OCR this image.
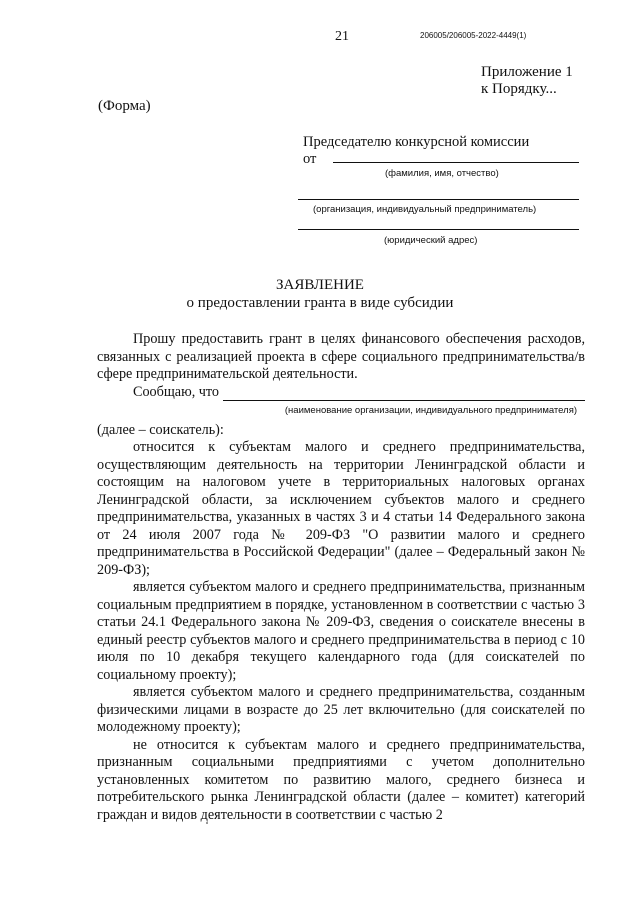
21	206005/206005-2022-4449(1)
Приложение 1
к Порядку...
(Форма)
Председателю конкурсной комиссии
от
(фамилия, имя, отчество)
(организация, индивидуальный предприниматель)
(юридический адрес)
ЗАЯВЛЕНИЕ
о предоставлении гранта в виде субсидии

Прошу предоставить грант в целях финансового обеспечения расходов, связанных с реализацией проекта в сфере социального предпринимательства/в сфере предпринимательской деятельности.

Сообщаю, что
(наименование организации, индивидуального предпринимателя)

(далее – соискатель):

относится к субъектам малого и среднего предпринимательства, осуществляющим деятельность на территории Ленинградской области и состоящим на налоговом учете в территориальных налоговых органах Ленинградской области, за исключением субъектов малого и среднего предпринимательства, указанных в частях 3 и 4 статьи 14 Федерального закона от 24 июля 2007 года № 209-ФЗ "О развитии малого и среднего предпринимательства в Российской Федерации" (далее – Федеральный закон № 209-ФЗ);

является субъектом малого и среднего предпринимательства, признанным социальным предприятием в порядке, установленном в соответствии с частью 3 статьи 24.1 Федерального закона № 209-ФЗ, сведения о соискателе внесены в единый реестр субъектов малого и среднего предпринимательства в период с 10 июля по 10 декабря текущего календарного года (для соискателей по социальному проекту);

является субъектом малого и среднего предпринимательства, созданным физическими лицами в возрасте до 25 лет включительно (для соискателей по молодежному проекту);

не относится к субъектам малого и среднего предпринимательства, признанным социальными предприятиями с учетом дополнительно установленных комитетом по развитию малого, среднего бизнеса и потребительского рынка Ленинградской области (далее – комитет) категорий граждан и видов деятельности в соответствии с частью 2
